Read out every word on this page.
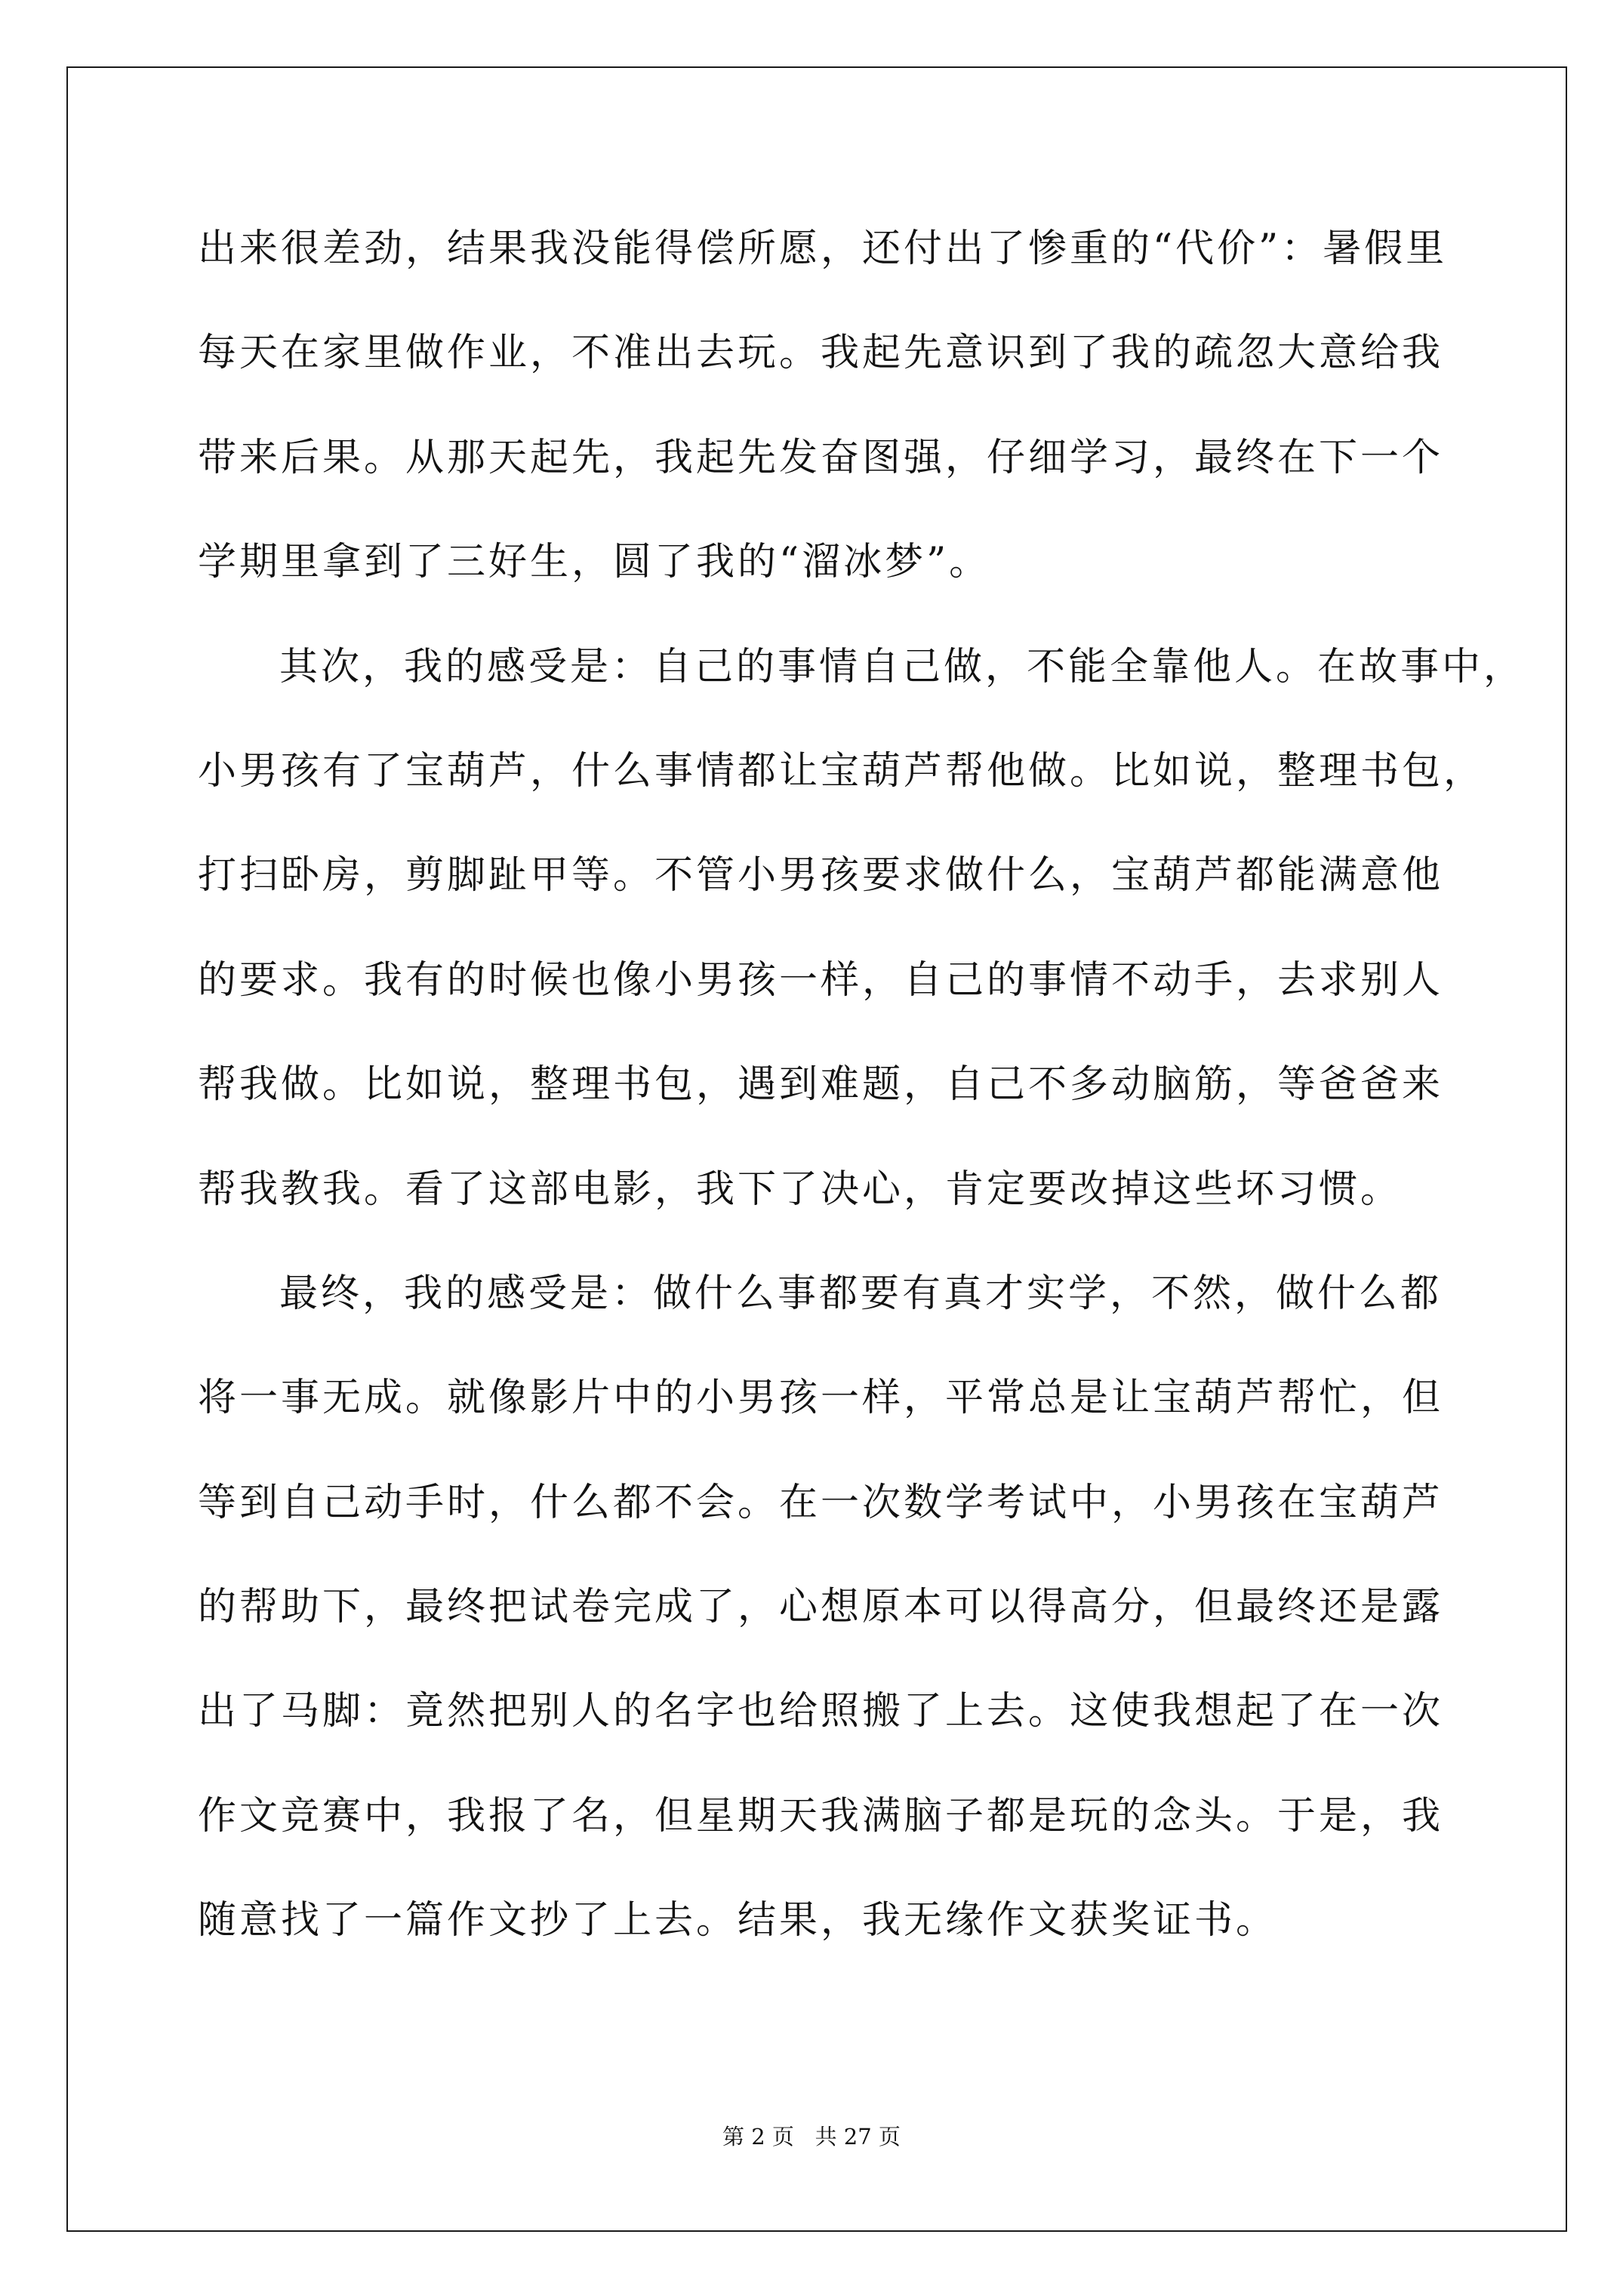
出来很差劲，结果我没能得偿所愿，还付出了惨重的“代价”：暑假里
每天在家里做作业，不准出去玩。我起先意识到了我的疏忽大意给我
带来后果。从那天起先，我起先发奋图强，仔细学习，最终在下一个
学期里拿到了三好生，圆了我的“溜冰梦”。
其次，我的感受是：自己的事情自己做，不能全靠他人。在故事中，
小男孩有了宝葫芦，什么事情都让宝葫芦帮他做。比如说，整理书包，
打扫卧房，剪脚趾甲等。不管小男孩要求做什么，宝葫芦都能满意他
的要求。我有的时候也像小男孩一样，自己的事情不动手，去求别人
帮我做。比如说，整理书包，遇到难题，自己不多动脑筋，等爸爸来
帮我教我。看了这部电影，我下了决心，肯定要改掉这些坏习惯。
最终，我的感受是：做什么事都要有真才实学，不然，做什么都
将一事无成。就像影片中的小男孩一样，平常总是让宝葫芦帮忙，但
等到自己动手时，什么都不会。在一次数学考试中，小男孩在宝葫芦
的帮助下，最终把试卷完成了，心想原本可以得高分，但最终还是露
出了马脚：竟然把别人的名字也给照搬了上去。这使我想起了在一次
作文竞赛中，我报了名，但星期天我满脑子都是玩的念头。于是，我
随意找了一篇作文抄了上去。结果，我无缘作文获奖证书。
第 2 页   共 27 页
